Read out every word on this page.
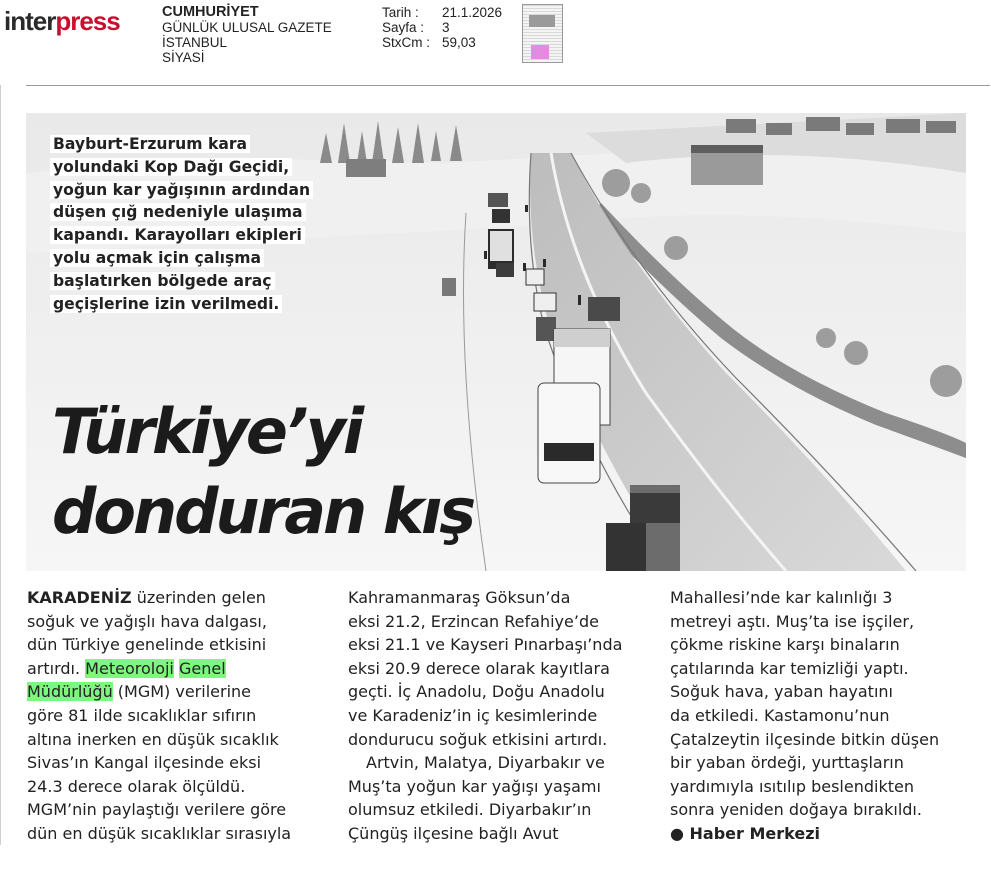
interpress	CUMHURİYET
GÜNLÜK ULUSAL GAZETE
İSTANBUL
SİYASİ
Tarih : 21.1.2026
Sayfa : 3
StxCm : 59,03
Bayburt-Erzurum kara
yolundaki Kop Dağı Geçidi,
yoğun kar yağışının ardından
düşen çığ nedeniyle ulaşıma
kapandı. Karayolları ekipleri
yolu açmak için çalışma
başlatırken bölgede araç
geçişlerine izin verilmedi.
Türkiye’yi
donduran kış
KARADENİZ üzerinden gelen
soğuk ve yağışlı hava dalgası,
dün Türkiye genelinde etkisini
artırdı. Meteoroloji Genel
Müdürlüğü (MGM) verilerine
göre 81 ilde sıcaklıklar sıfırın
altına inerken en düşük sıcaklık
Sivas’ın Kangal ilçesinde eksi
24.3 derece olarak ölçüldü.
MGM’nin paylaştığı verilere göre
dün en düşük sıcaklıklar sırasıyla
Kahramanmaraş Göksun’da
eksi 21.2, Erzincan Refahiye’de
eksi 21.1 ve Kayseri Pınarbaşı’nda
eksi 20.9 derece olarak kayıtlara
geçti. İç Anadolu, Doğu Anadolu
ve Karadeniz’in iç kesimlerinde
dondurucu soğuk etkisini artırdı.
Artvin, Malatya, Diyarbakır ve
Muş’ta yoğun kar yağışı yaşamı
olumsuz etkiledi. Diyarbakır’ın
Çüngüş ilçesine bağlı Avut
Mahallesi’nde kar kalınlığı 3
metreyi aştı. Muş’ta ise işçiler,
çökme riskine karşı binaların
çatılarında kar temizliği yaptı.
Soğuk hava, yaban hayatını
da etkiledi. Kastamonu’nun
Çatalzeytin ilçesinde bitkin düşen
bir yaban ördeği, yurttaşların
yardımıyla ısıtılıp beslendikten
sonra yeniden doğaya bırakıldı.
● Haber Merkezi
